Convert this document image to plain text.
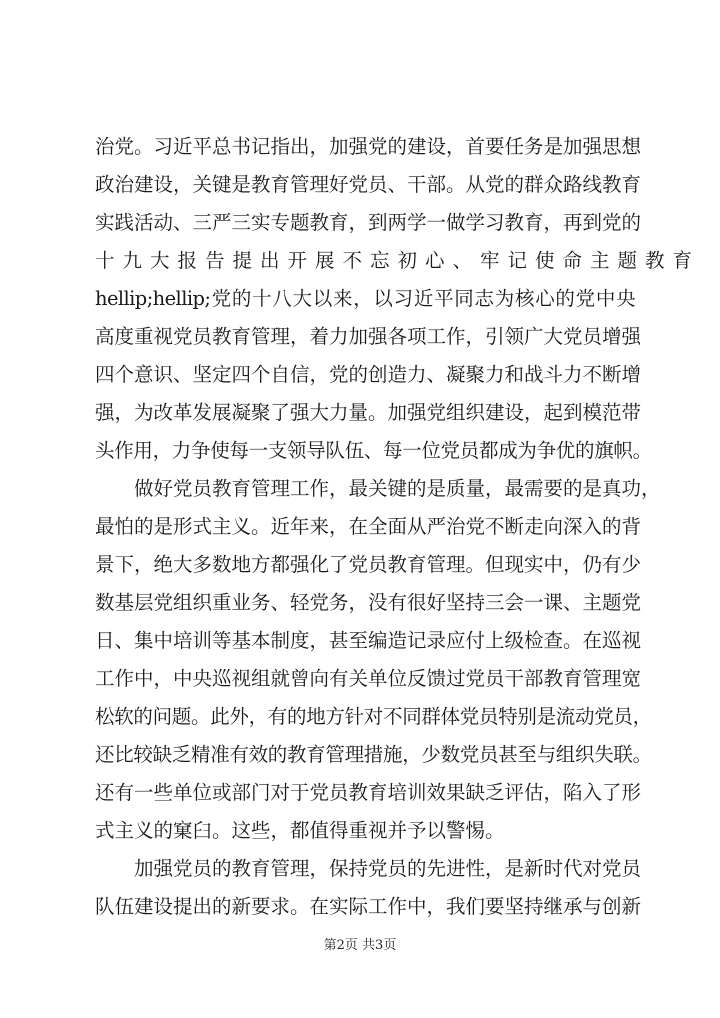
治党。习近平总书记指出，加强党的建设，首要任务是加强思想
政治建设，关键是教育管理好党员、干部。从党的群众路线教育
实践活动、三严三实专题教育，到两学一做学习教育，再到党的
十九大报告提出开展不忘初心、牢记使命主题教育
hellip;hellip;党的十八大以来，以习近平同志为核心的党中央
高度重视党员教育管理，着力加强各项工作，引领广大党员增强
四个意识、坚定四个自信，党的创造力、凝聚力和战斗力不断增
强，为改革发展凝聚了强大力量。加强党组织建设，起到模范带
头作用，力争使每一支领导队伍、每一位党员都成为争优的旗帜。
做好党员教育管理工作，最关键的是质量，最需要的是真功，
最怕的是形式主义。近年来，在全面从严治党不断走向深入的背
景下，绝大多数地方都强化了党员教育管理。但现实中，仍有少
数基层党组织重业务、轻党务，没有很好坚持三会一课、主题党
日、集中培训等基本制度，甚至编造记录应付上级检查。在巡视
工作中，中央巡视组就曾向有关单位反馈过党员干部教育管理宽
松软的问题。此外，有的地方针对不同群体党员特别是流动党员，
还比较缺乏精准有效的教育管理措施，少数党员甚至与组织失联。
还有一些单位或部门对于党员教育培训效果缺乏评估，陷入了形
式主义的窠臼。这些，都值得重视并予以警惕。
加强党员的教育管理，保持党员的先进性，是新时代对党员
队伍建设提出的新要求。在实际工作中，我们要坚持继承与创新
第2页 共3页
